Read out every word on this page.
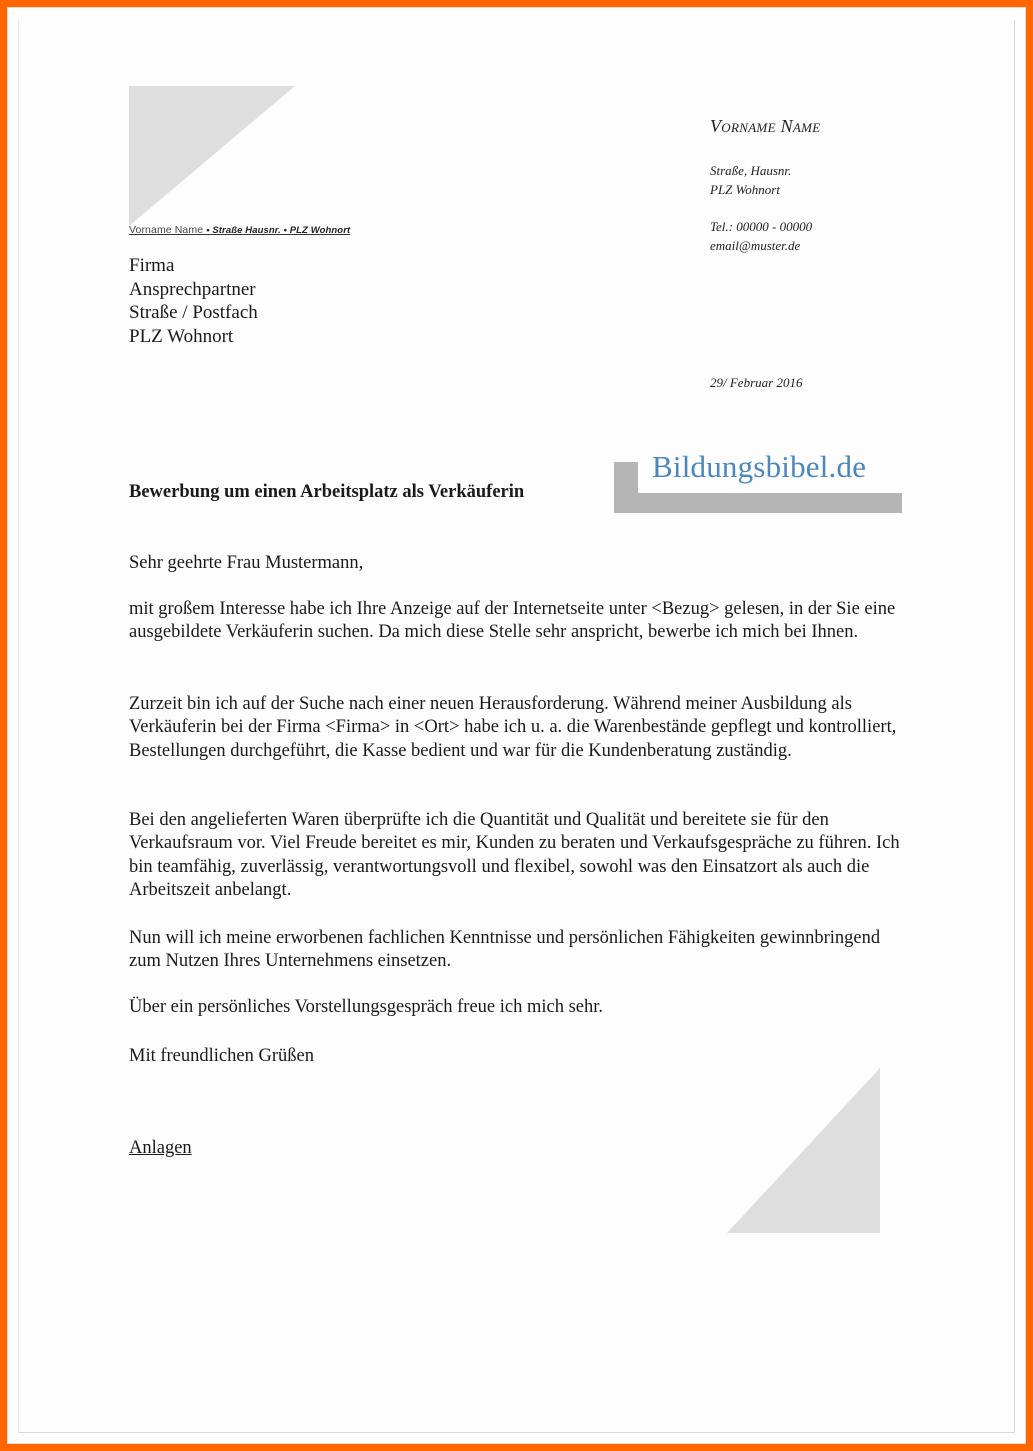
Vorname Name • Straße Hausnr. • PLZ Wohnort
Firma
Ansprechpartner
Straße / Postfach
PLZ Wohnort
Vorname Name
Straße, Hausnr.
PLZ Wohnort
Tel.: 00000 - 00000
email@muster.de
29/ Februar 2016
Bildungsbibel.de
Bewerbung um einen Arbeitsplatz als Verkäuferin
Sehr geehrte Frau Mustermann,
mit großem Interesse habe ich Ihre Anzeige auf der Internetseite unter <Bezug> gelesen, in der Sie eine ausgebildete Verkäuferin suchen. Da mich diese Stelle sehr anspricht, bewerbe ich mich bei Ihnen.
Zurzeit bin ich auf der Suche nach einer neuen Herausforderung. Während meiner Ausbildung als Verkäuferin bei der Firma <Firma> in <Ort> habe ich u. a. die Warenbestände gepflegt und kontrolliert, Bestellungen durchgeführt, die Kasse bedient und war für die Kundenberatung zuständig.
Bei den angelieferten Waren überprüfte ich die Quantität und Qualität und bereitete sie für den Verkaufsraum vor. Viel Freude bereitet es mir, Kunden zu beraten und Verkaufsgespräche zu führen. Ich bin teamfähig, zuverlässig, verantwortungsvoll und flexibel, sowohl was den Einsatzort als auch die Arbeitszeit anbelangt.
Nun will ich meine erworbenen fachlichen Kenntnisse und persönlichen Fähigkeiten gewinnbringend zum Nutzen Ihres Unternehmens einsetzen.
Über ein persönliches Vorstellungsgespräch freue ich mich sehr.
Mit freundlichen Grüßen
Anlagen
